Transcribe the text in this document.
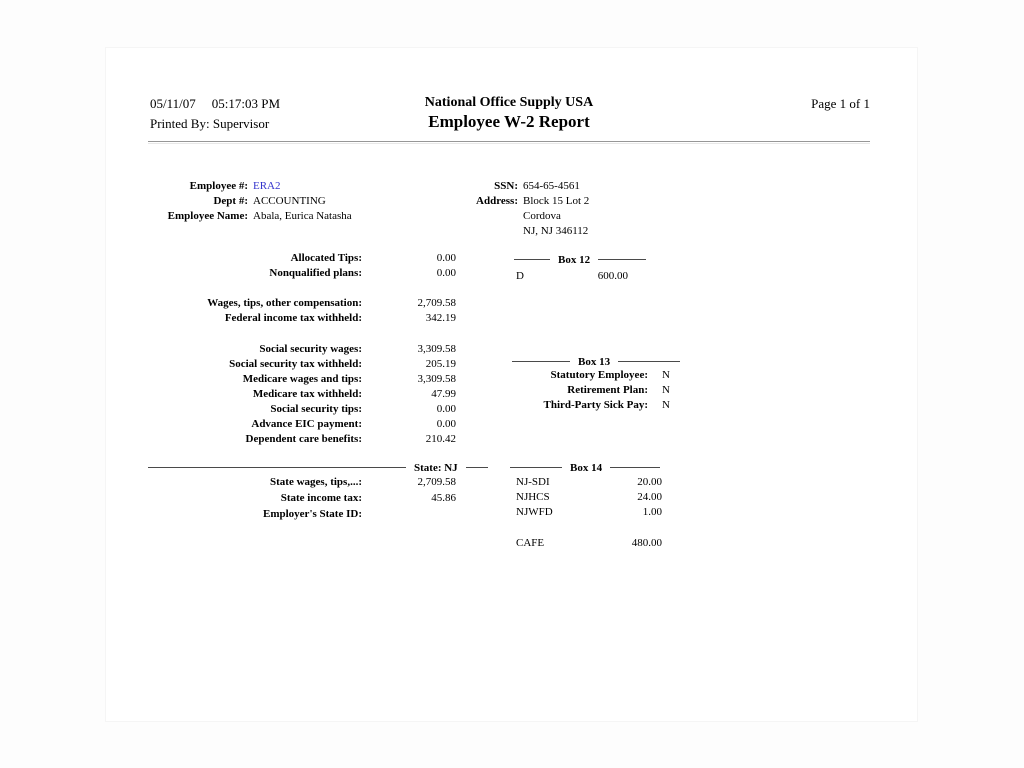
05/11/07 05:17:03 PM	National Office Supply USA	Page 1 of 1
Printed By: Supervisor	Employee W-2 Report
Employee #: ERA2
Dept #: ACCOUNTING
Employee Name: Abala, Eurica Natasha
SSN: 654-65-4561
Address: Block 15 Lot 2
Cordova
NJ, NJ 346112
Allocated Tips:	0.00
Nonqualified plans:	0.00
Box 12
D	600.00
Wages, tips, other compensation:	2,709.58
Federal income tax withheld:	342.19
Social security wages:	3,309.58
Social security tax withheld:	205.19
Medicare wages and tips:	3,309.58
Medicare tax withheld:	47.99
Social security tips:	0.00
Advance EIC payment:	0.00
Dependent care benefits:	210.42
Box 13
Statutory Employee:	N
Retirement Plan:	N
Third-Party Sick Pay:	N
State: NJ
State wages, tips,...:	2,709.58
State income tax:	45.86
Employer's State ID:
Box 14
NJ-SDI	20.00
NJHCS	24.00
NJWFD	1.00
CAFE	480.00
